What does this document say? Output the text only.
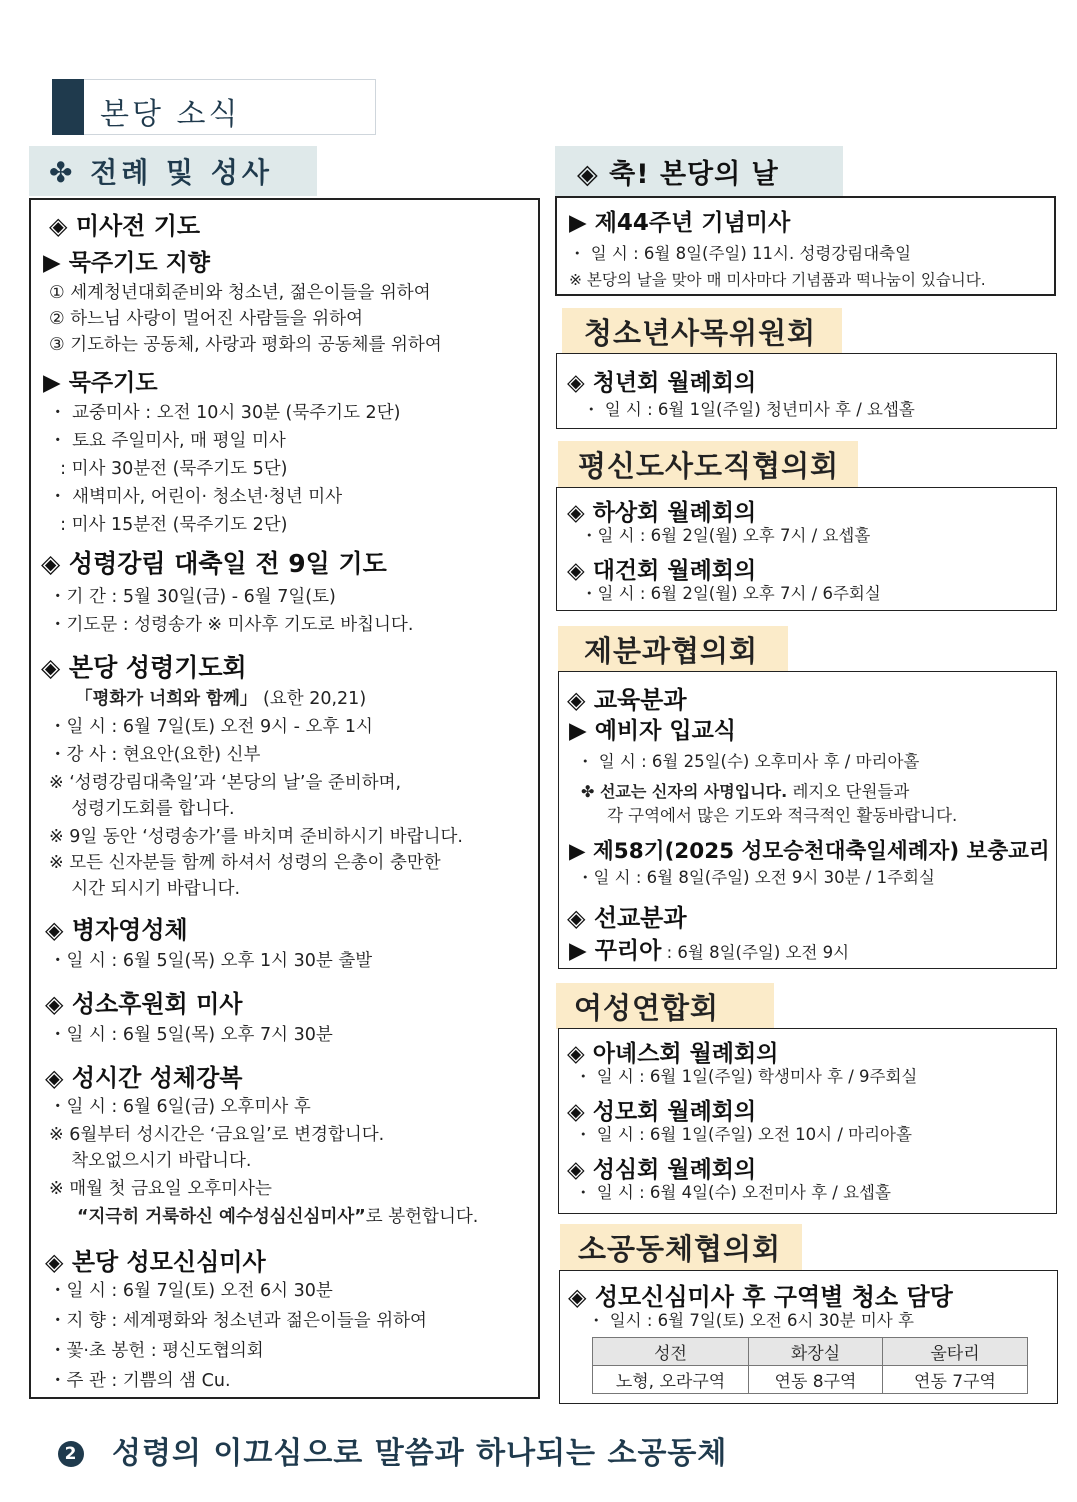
본당 소식
✤ 전례 및 성사
◈ 미사전 기도
▶ 묵주기도 지향
① 세계청년대회준비와 청소년, 젊은이들을 위하여
② 하느님 사랑이 멀어진 사람들을 위하여
③ 기도하는 공동체, 사랑과 평화의 공동체를 위하여
▶ 묵주기도
・ 교중미사 : 오전 10시 30분 (묵주기도 2단)
・ 토요 주일미사, 매 평일 미사
: 미사 30분전 (묵주기도 5단)
・ 새벽미사, 어린이· 청소년·청년 미사
: 미사 15분전 (묵주기도 2단)
◈ 성령강림 대축일 전 9일 기도
・기 간 : 5월 30일(금) - 6월 7일(토)
・기도문 : 성령송가 ※ 미사후 기도로 바칩니다.
◈ 본당 성령기도회
「평화가 너희와 함께」 (요한 20,21)
・일 시 : 6월 7일(토) 오전 9시 - 오후 1시
・강 사 : 현요안(요한) 신부
※ ‘성령강림대축일’과 ‘본당의 날’을 준비하며,
성령기도회를 합니다.
※ 9일 동안 ‘성령송가’를 바치며 준비하시기 바랍니다.
※ 모든 신자분들 함께 하셔서 성령의 은총이 충만한
시간 되시기 바랍니다.
◈ 병자영성체
・일 시 : 6월 5일(목) 오후 1시 30분 출발
◈ 성소후원회 미사
・일 시 : 6월 5일(목) 오후 7시 30분
◈ 성시간 성체강복
・일 시 : 6월 6일(금) 오후미사 후
※ 6월부터 성시간은 ‘금요일’로 변경합니다.
착오없으시기 바랍니다.
※ 매월 첫 금요일 오후미사는
“지극히 거룩하신 예수성심신심미사”로 봉헌합니다.
◈ 본당 성모신심미사
・일 시 : 6월 7일(토) 오전 6시 30분
・지 향 : 세계평화와 청소년과 젊은이들을 위하여
・꽃·초 봉헌 : 평신도협의회
・주 관 : 기쁨의 샘 Cu.
◈ 축! 본당의 날
▶ 제44주년 기념미사
・ 일 시 : 6월 8일(주일) 11시. 성령강림대축일
※ 본당의 날을 맞아 매 미사마다 기념품과 떡나눔이 있습니다.
청소년사목위원회
◈ 청년회 월례회의
・ 일 시 : 6월 1일(주일) 청년미사 후 / 요셉홀
평신도사도직협의회
◈ 하상회 월례회의
・일 시 : 6월 2일(월) 오후 7시 / 요셉홀
◈ 대건회 월례회의
・일 시 : 6월 2일(월) 오후 7시 / 6주회실
제분과협의회
◈ 교육분과
▶ 예비자 입교식
・ 일 시 : 6월 25일(수) 오후미사 후 / 마리아홀
✤ 선교는 신자의 사명입니다. 레지오 단원들과
각 구역에서 많은 기도와 적극적인 활동바랍니다.
▶ 제58기(2025 성모승천대축일세례자) 보충교리
・일 시 : 6월 8일(주일) 오전 9시 30분 / 1주회실
◈ 선교분과
▶ 꾸리아 : 6월 8일(주일) 오전 9시
여성연합회
◈ 아녜스회 월례회의
・ 일 시 : 6월 1일(주일) 학생미사 후 / 9주회실
◈ 성모회 월례회의
・ 일 시 : 6월 1일(주일) 오전 10시 / 마리아홀
◈ 성심회 월례회의
・ 일 시 : 6월 4일(수) 오전미사 후 / 요셉홀
소공동체협의회
◈ 성모신심미사 후 구역별 청소 담당
・ 일시 : 6월 7일(토) 오전 6시 30분 미사 후
성전	화장실	울타리
노형, 오라구역	연동 8구역	연동 7구역
2 성령의 이끄심으로 말씀과 하나되는 소공동체
